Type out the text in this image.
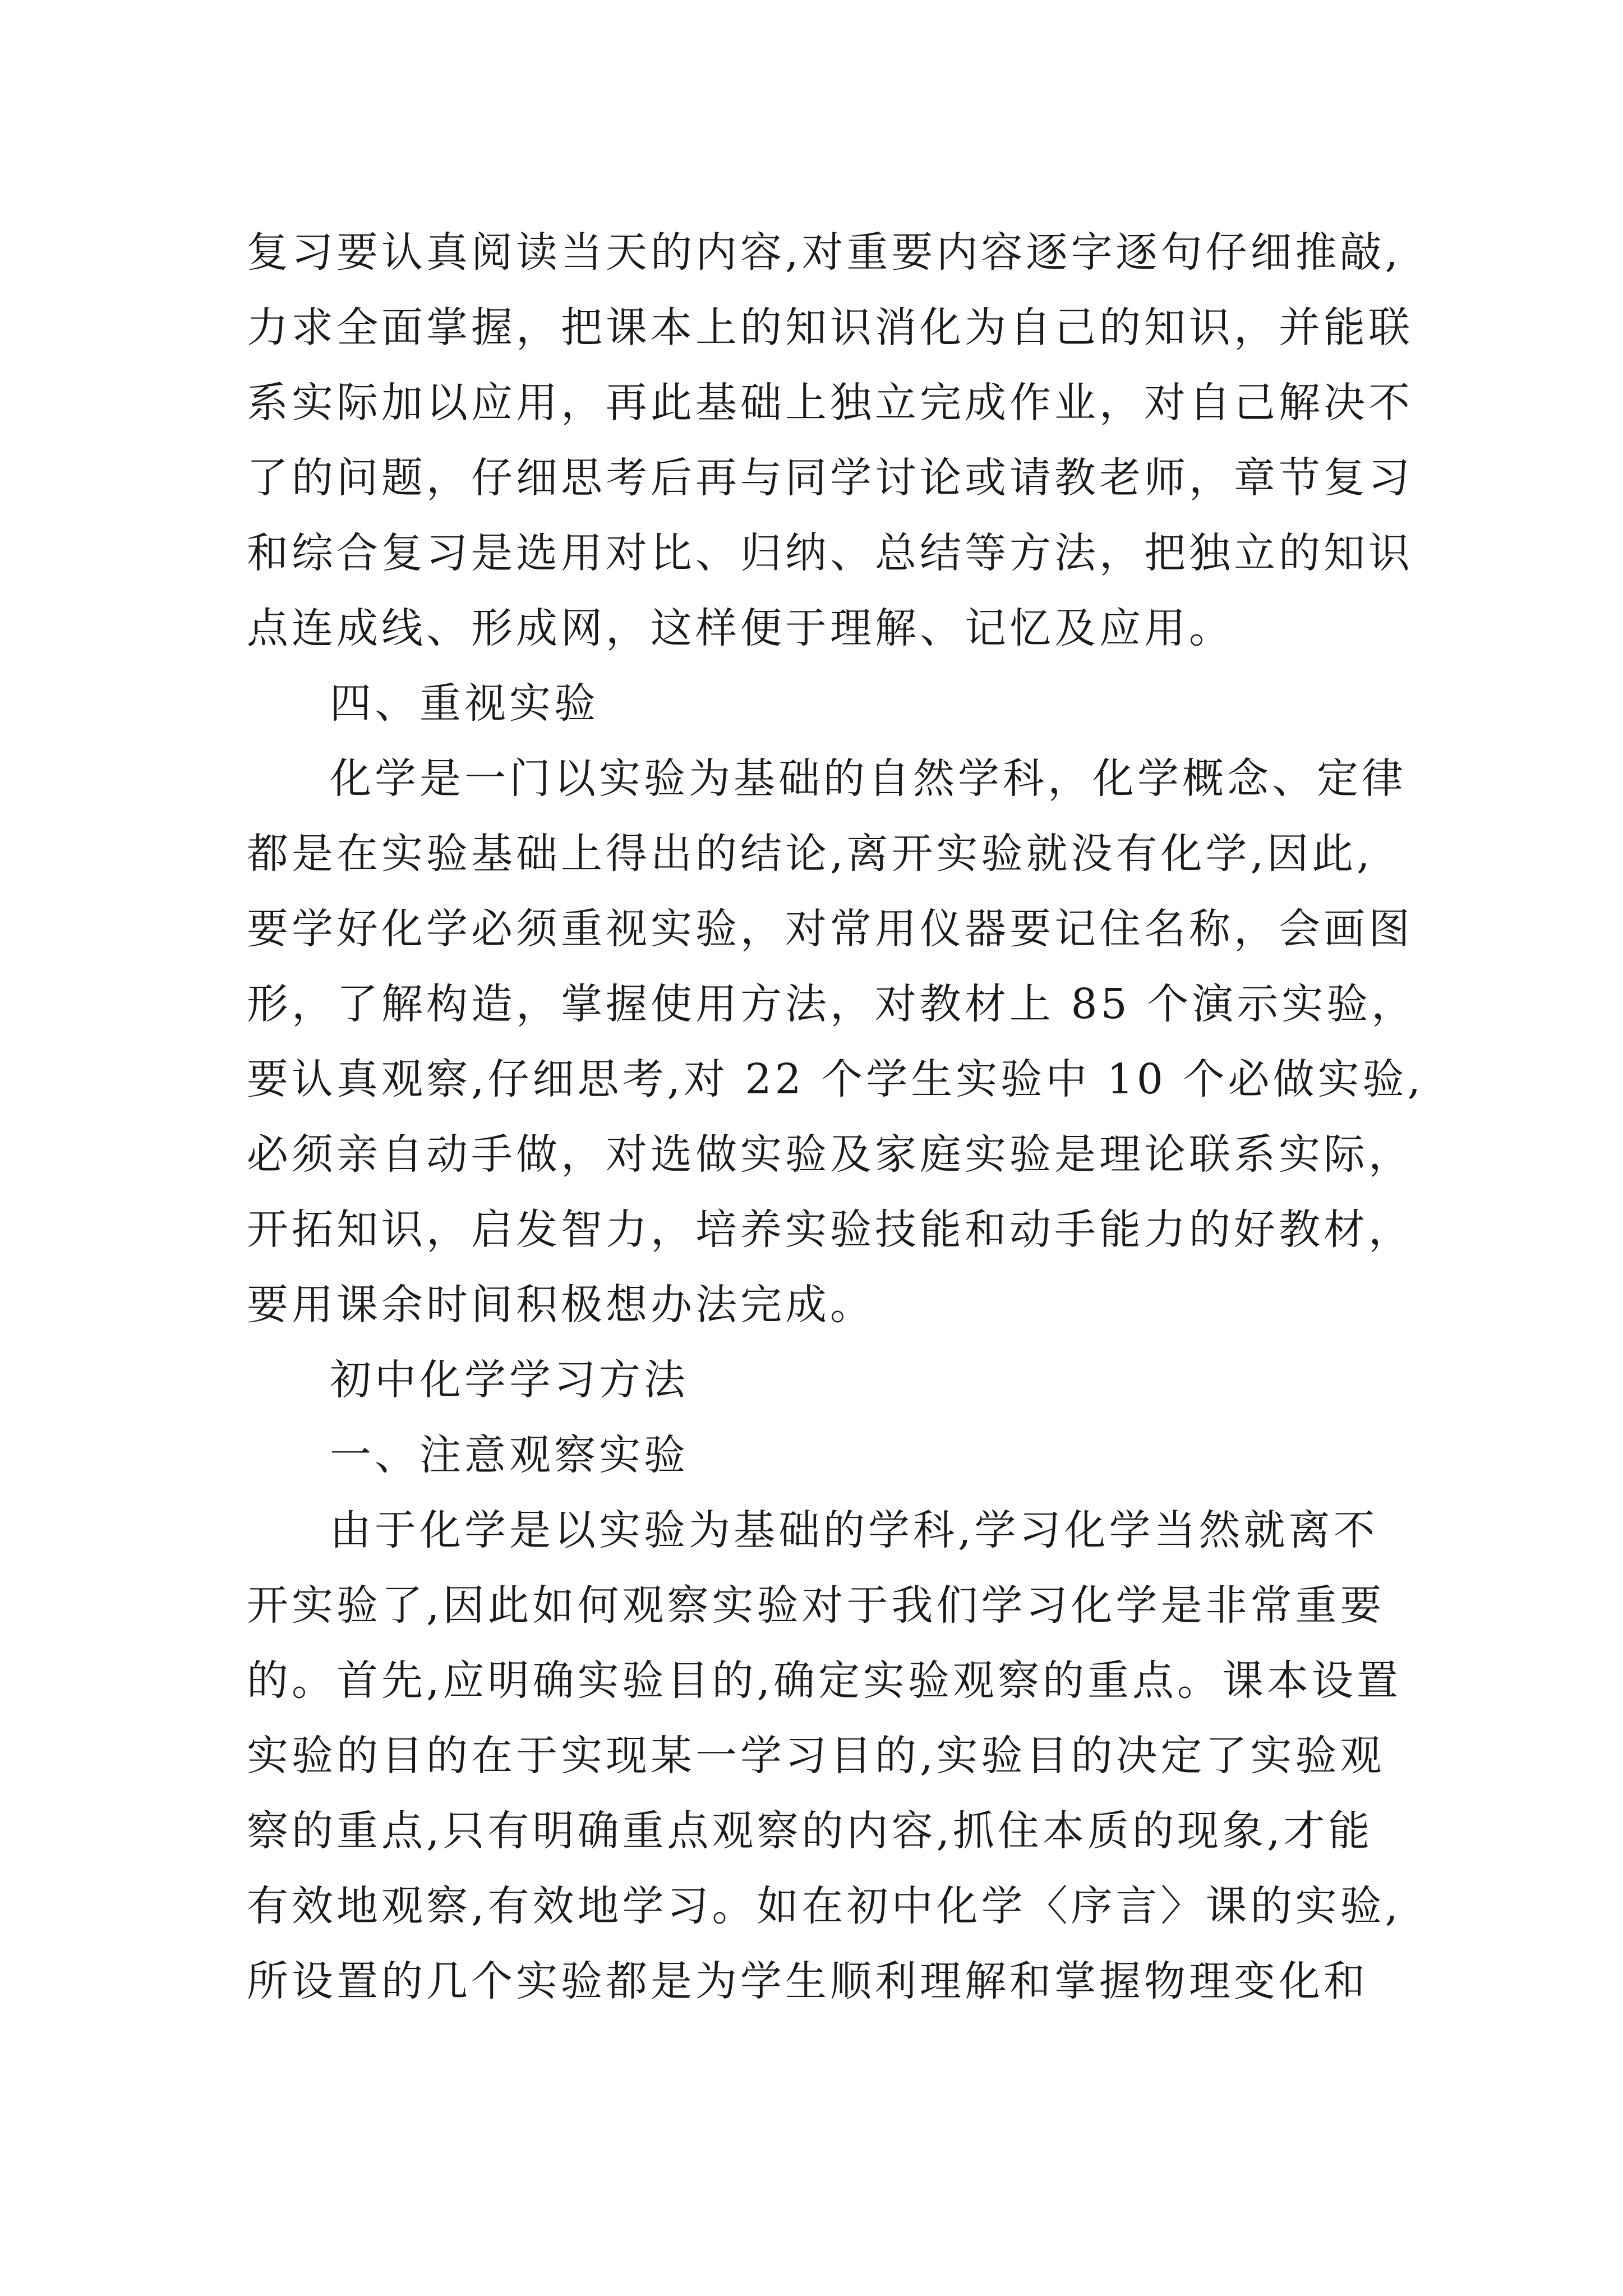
复习要认真阅读当天的内容,对重要内容逐字逐句仔细推敲,
力求全面掌握，把课本上的知识消化为自己的知识，并能联
系实际加以应用，再此基础上独立完成作业，对自己解决不
了的问题，仔细思考后再与同学讨论或请教老师，章节复习
和综合复习是选用对比、归纳、总结等方法，把独立的知识
点连成线、形成网，这样便于理解、记忆及应用。
四、重视实验
化学是一门以实验为基础的自然学科，化学概念、定律
都是在实验基础上得出的结论,离开实验就没有化学,因此,
要学好化学必须重视实验，对常用仪器要记住名称，会画图
形，了解构造，掌握使用方法，对教材上 85 个演示实验，
要认真观察,仔细思考,对 22 个学生实验中 10 个必做实验,
必须亲自动手做，对选做实验及家庭实验是理论联系实际，
开拓知识，启发智力，培养实验技能和动手能力的好教材，
要用课余时间积极想办法完成。
初中化学学习方法
一、注意观察实验
由于化学是以实验为基础的学科,学习化学当然就离不
开实验了,因此如何观察实验对于我们学习化学是非常重要
的。首先,应明确实验目的,确定实验观察的重点。课本设置
实验的目的在于实现某一学习目的,实验目的决定了实验观
察的重点,只有明确重点观察的内容,抓住本质的现象,才能
有效地观察,有效地学习。如在初中化学〈序言〉课的实验,
所设置的几个实验都是为学生顺利理解和掌握物理变化和
